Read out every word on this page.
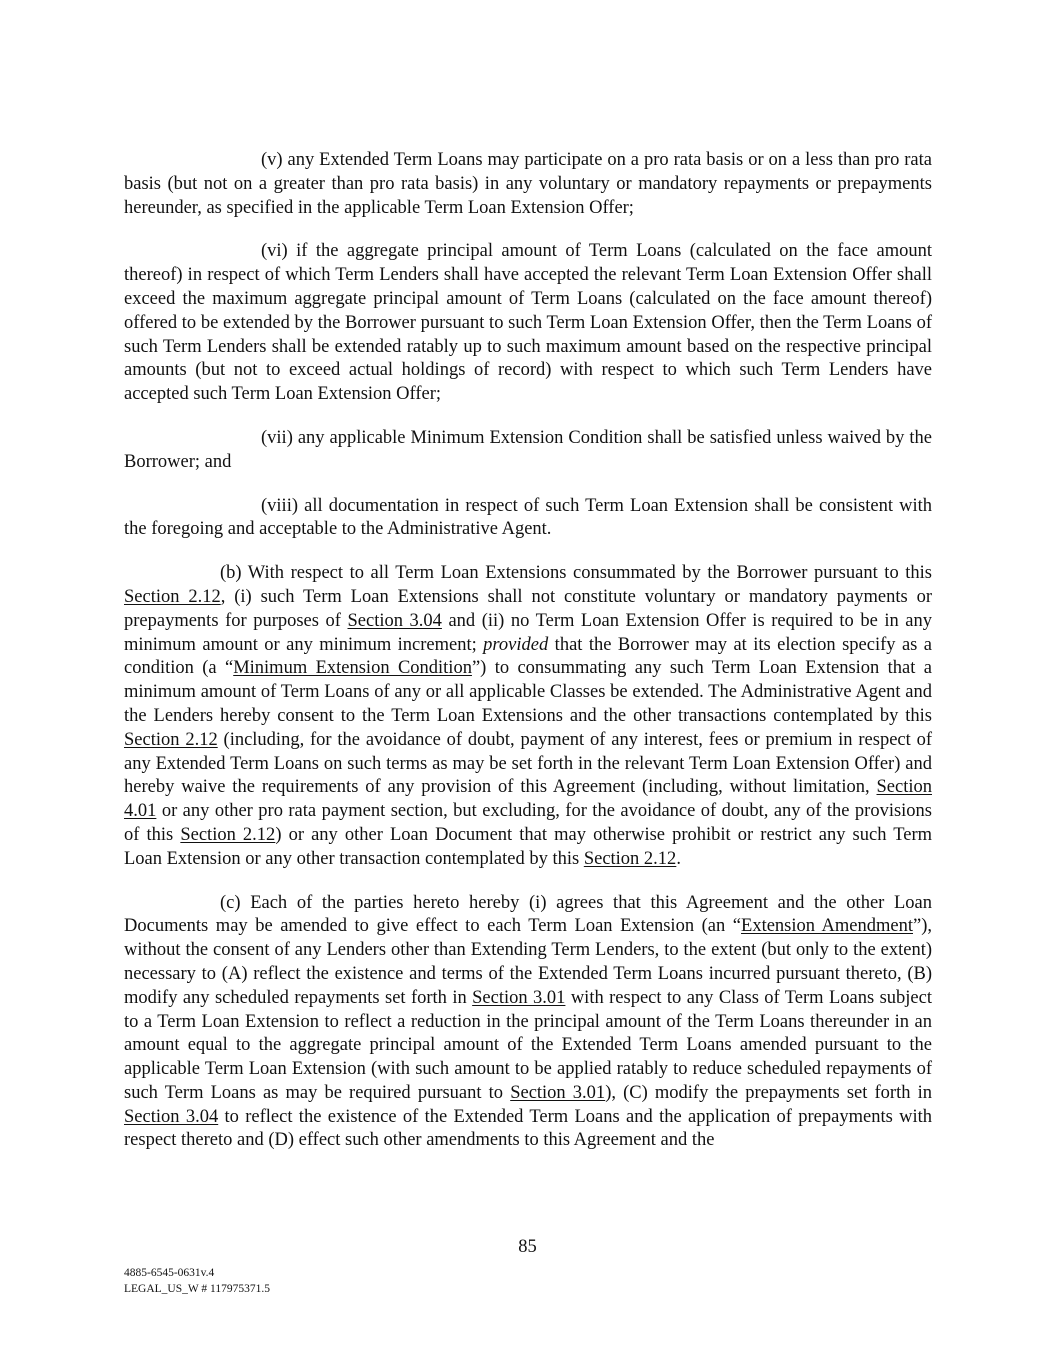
(v) any Extended Term Loans may participate on a pro rata basis or on a less than pro rata basis (but not on a greater than pro rata basis) in any voluntary or mandatory repayments or prepayments hereunder, as specified in the applicable Term Loan Extension Offer;

(vi) if the aggregate principal amount of Term Loans (calculated on the face amount thereof) in respect of which Term Lenders shall have accepted the relevant Term Loan Extension Offer shall exceed the maximum aggregate principal amount of Term Loans (calculated on the face amount thereof) offered to be extended by the Borrower pursuant to such Term Loan Extension Offer, then the Term Loans of such Term Lenders shall be extended ratably up to such maximum amount based on the respective principal amounts (but not to exceed actual holdings of record) with respect to which such Term Lenders have accepted such Term Loan Extension Offer;

(vii) any applicable Minimum Extension Condition shall be satisfied unless waived by the Borrower; and

(viii) all documentation in respect of such Term Loan Extension shall be consistent with the foregoing and acceptable to the Administrative Agent.

(b) With respect to all Term Loan Extensions consummated by the Borrower pursuant to this Section 2.12, (i) such Term Loan Extensions shall not constitute voluntary or mandatory payments or prepayments for purposes of Section 3.04 and (ii) no Term Loan Extension Offer is required to be in any minimum amount or any minimum increment; provided that the Borrower may at its election specify as a condition (a “Minimum Extension Condition”) to consummating any such Term Loan Extension that a minimum amount of Term Loans of any or all applicable Classes be extended. The Administrative Agent and the Lenders hereby consent to the Term Loan Extensions and the other transactions contemplated by this Section 2.12 (including, for the avoidance of doubt, payment of any interest, fees or premium in respect of any Extended Term Loans on such terms as may be set forth in the relevant Term Loan Extension Offer) and hereby waive the requirements of any provision of this Agreement (including, without limitation, Section 4.01 or any other pro rata payment section, but excluding, for the avoidance of doubt, any of the provisions of this Section 2.12) or any other Loan Document that may otherwise prohibit or restrict any such Term Loan Extension or any other transaction contemplated by this Section 2.12.

(c) Each of the parties hereto hereby (i) agrees that this Agreement and the other Loan Documents may be amended to give effect to each Term Loan Extension (an “Extension Amendment”), without the consent of any Lenders other than Extending Term Lenders, to the extent (but only to the extent) necessary to (A) reflect the existence and terms of the Extended Term Loans incurred pursuant thereto, (B) modify any scheduled repayments set forth in Section 3.01 with respect to any Class of Term Loans subject to a Term Loan Extension to reflect a reduction in the principal amount of the Term Loans thereunder in an amount equal to the aggregate principal amount of the Extended Term Loans amended pursuant to the applicable Term Loan Extension (with such amount to be applied ratably to reduce scheduled repayments of such Term Loans as may be required pursuant to Section 3.01), (C) modify the prepayments set forth in Section 3.04 to reflect the existence of the Extended Term Loans and the application of prepayments with respect thereto and (D) effect such other amendments to this Agreement and the

85
4885-6545-0631v.4
LEGAL_US_W # 117975371.5
